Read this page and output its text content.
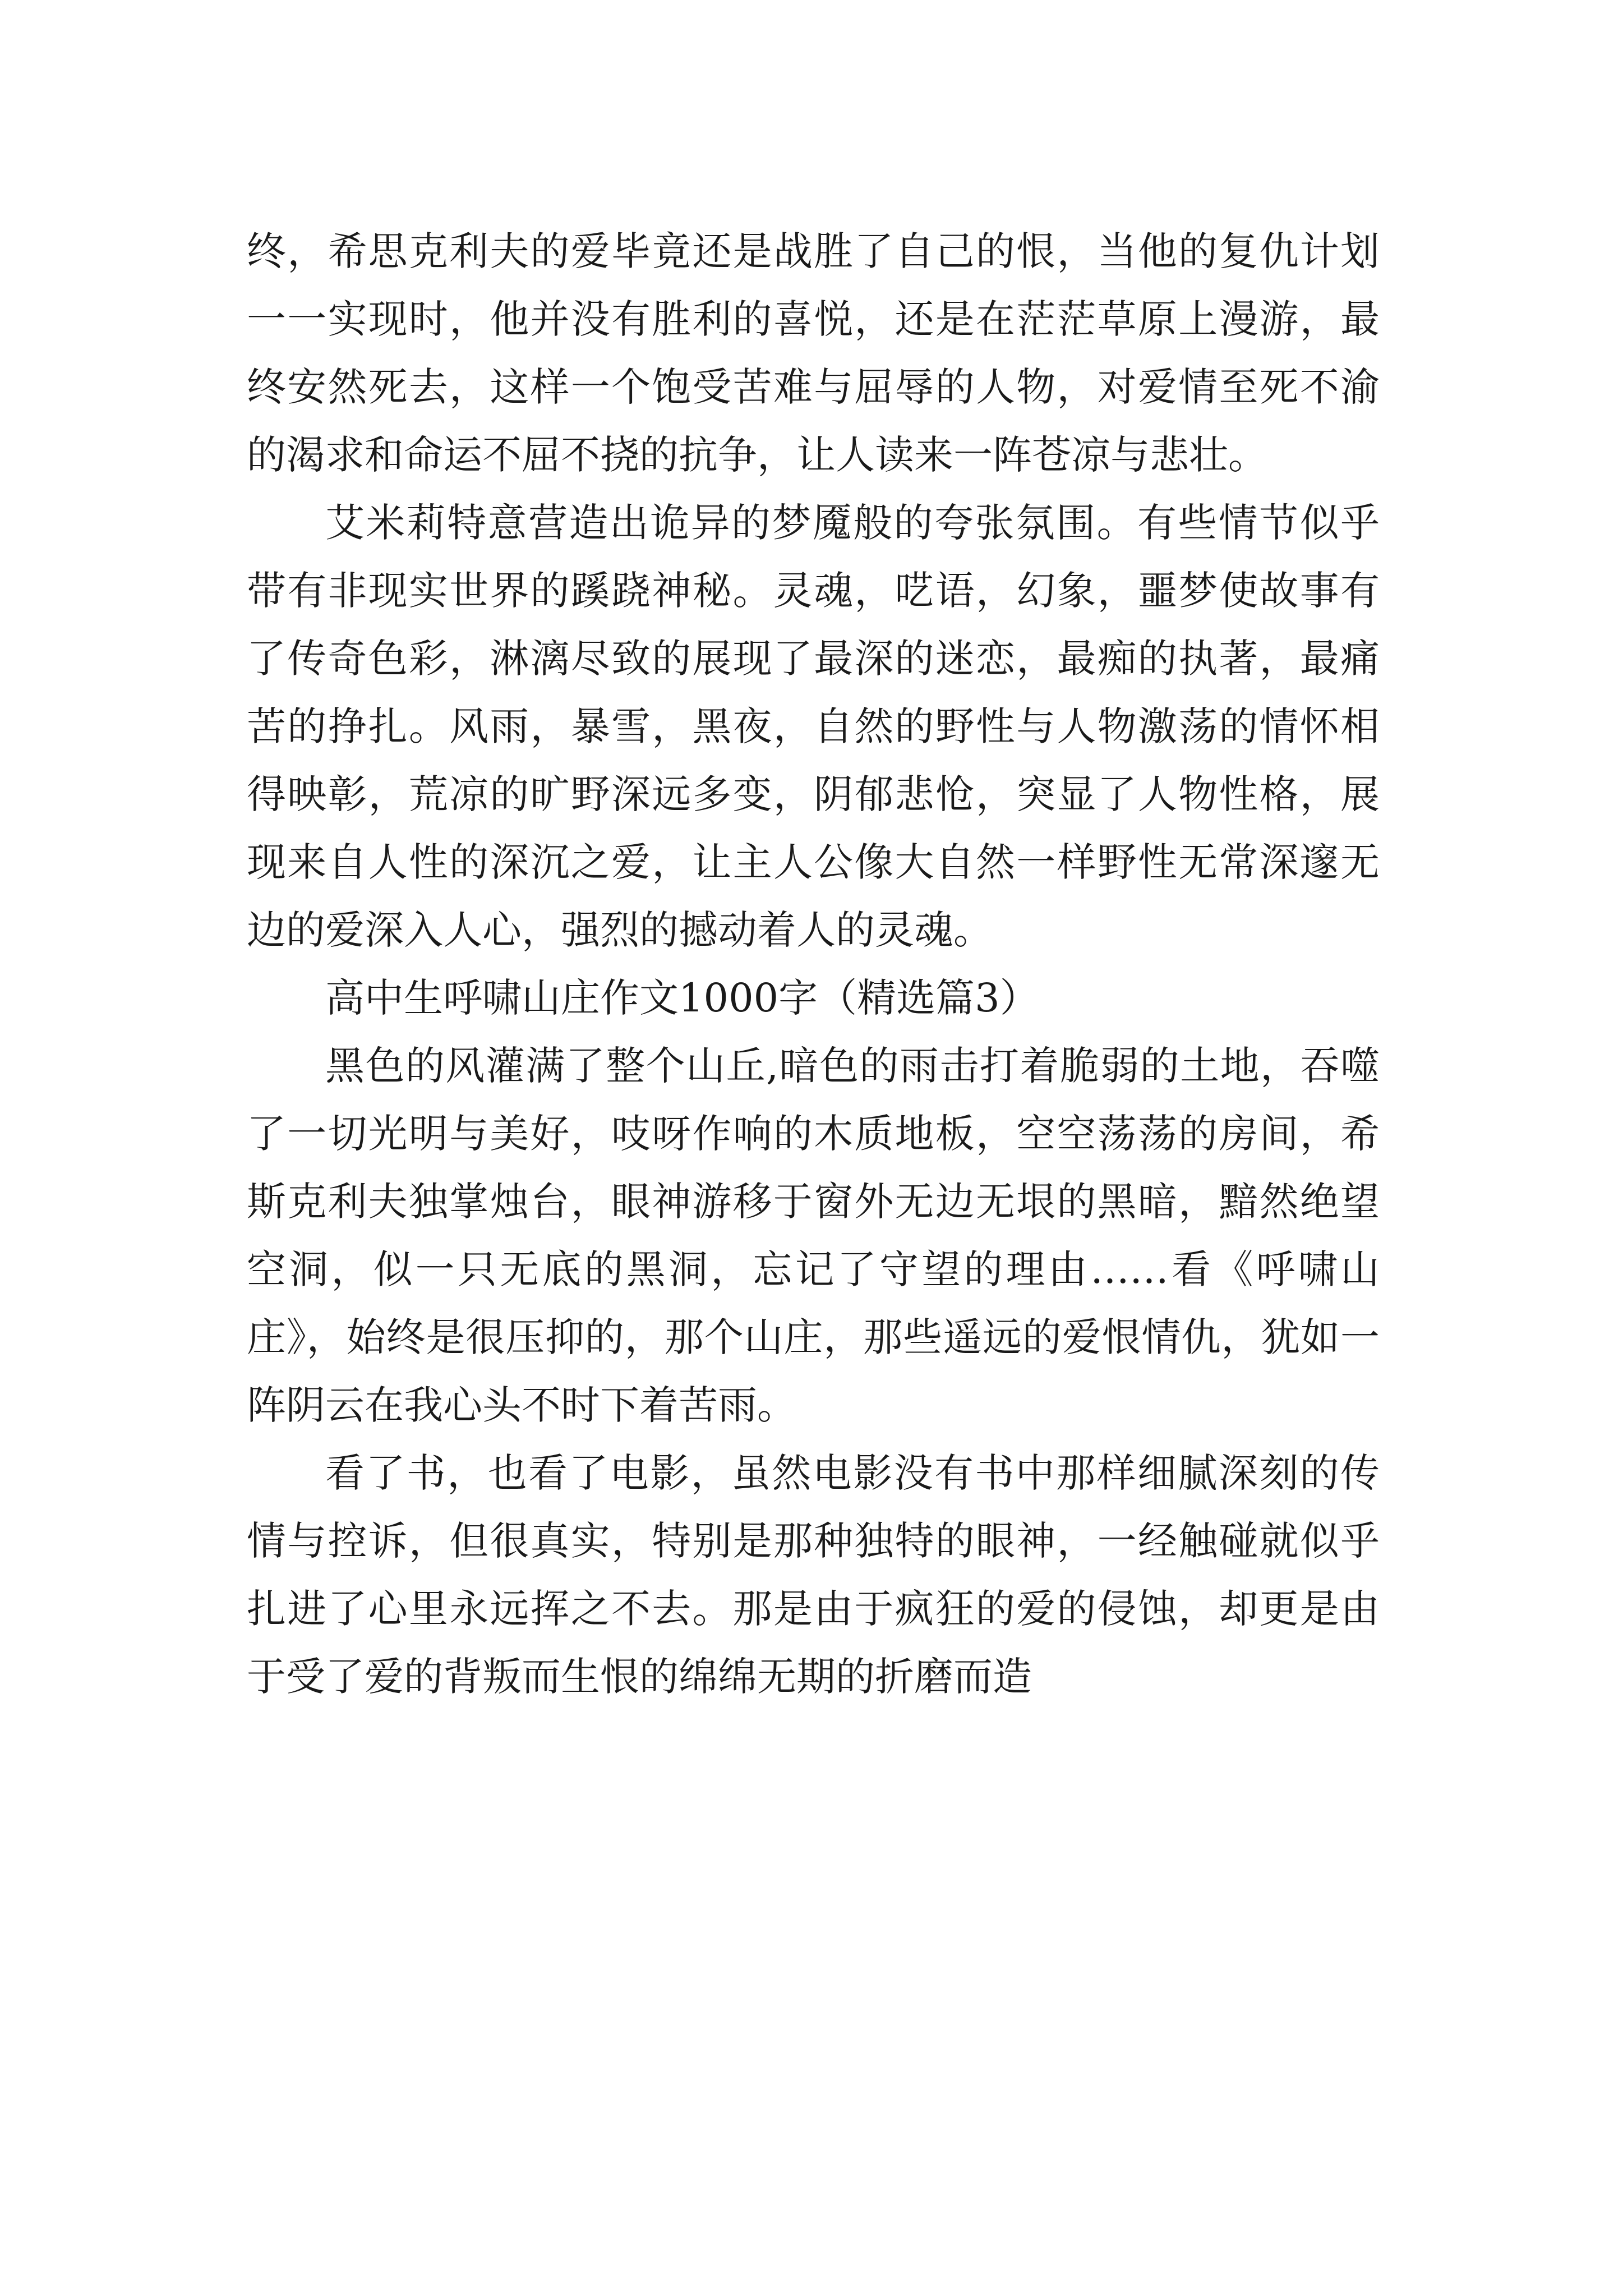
终，希思克利夫的爱毕竟还是战胜了自己的恨，当他的复仇计划一一实现时，他并没有胜利的喜悦，还是在茫茫草原上漫游，最终安然死去，这样一个饱受苦难与屈辱的人物，对爱情至死不渝的渴求和命运不屈不挠的抗争，让人读来一阵苍凉与悲壮。

艾米莉特意营造出诡异的梦魇般的夸张氛围。有些情节似乎带有非现实世界的蹊跷神秘。灵魂，呓语，幻象，噩梦使故事有了传奇色彩，淋漓尽致的展现了最深的迷恋，最痴的执著，最痛苦的挣扎。风雨，暴雪，黑夜，自然的野性与人物激荡的情怀相得映彰，荒凉的旷野深远多变，阴郁悲怆，突显了人物性格，展现来自人性的深沉之爱，让主人公像大自然一样野性无常深邃无边的爱深入人心，强烈的撼动着人的灵魂。

高中生呼啸山庄作文1000字（精选篇3）

黑色的风灌满了整个山丘,暗色的雨击打着脆弱的土地，吞噬了一切光明与美好，吱呀作响的木质地板，空空荡荡的房间，希斯克利夫独掌烛台，眼神游移于窗外无边无垠的黑暗，黯然绝望空洞，似一只无底的黑洞，忘记了守望的理由……看《呼啸山庄》，始终是很压抑的，那个山庄，那些遥远的爱恨情仇，犹如一阵阴云在我心头不时下着苦雨。

看了书，也看了电影，虽然电影没有书中那样细腻深刻的传情与控诉，但很真实，特别是那种独特的眼神，一经触碰就似乎扎进了心里永远挥之不去。那是由于疯狂的爱的侵蚀，却更是由于受了爱的背叛而生恨的绵绵无期的折磨而造
